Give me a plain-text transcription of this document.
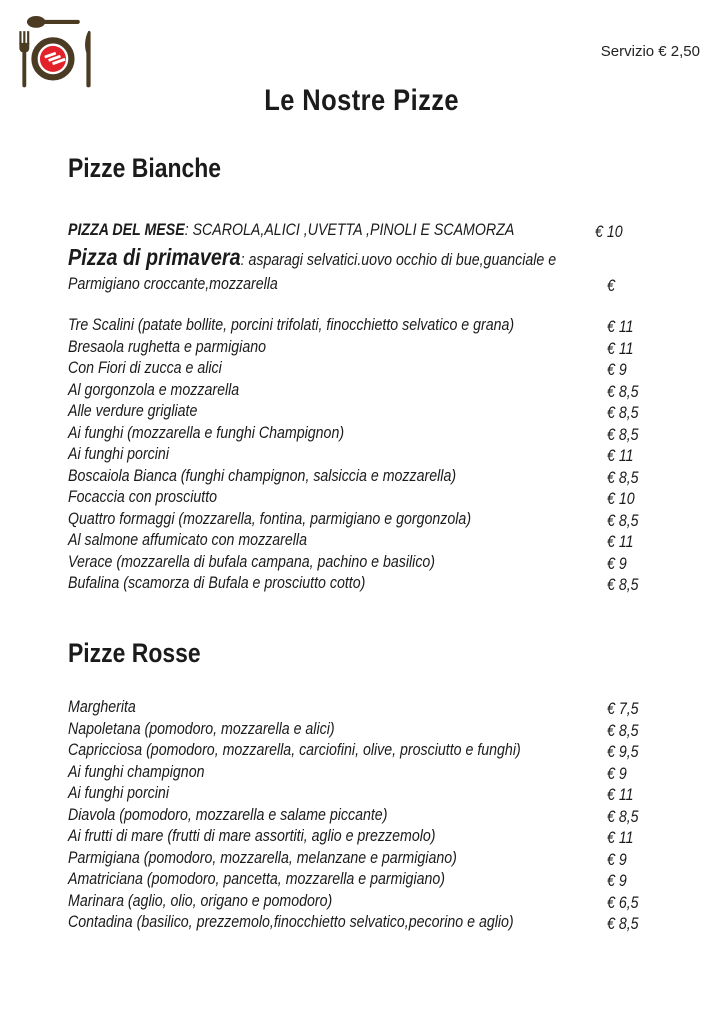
Servizio € 2,50
Le Nostre Pizze
Pizze Bianche
PIZZA DEL MESE: SCAROLA,ALICI ,UVETTA ,PINOLI E SCAMORZA	€ 10
Pizza di primavera: asparagi selvatici.uovo occhio di bue,guanciale e
Parmigiano croccante,mozzarella	€
Tre Scalini (patate bollite, porcini trifolati, finocchietto selvatico e grana)	€ 11
Bresaola rughetta e parmigiano	€ 11
Con Fiori di zucca e alici	€ 9
Al gorgonzola e mozzarella	€ 8,5
Alle verdure grigliate	€ 8,5
Ai funghi (mozzarella e funghi Champignon)	€ 8,5
Ai funghi porcini	€ 11
Boscaiola Bianca (funghi champignon, salsiccia e mozzarella)	€ 8,5
Focaccia con prosciutto	€ 10
Quattro formaggi (mozzarella, fontina, parmigiano e gorgonzola)	€ 8,5
Al salmone affumicato con mozzarella	€ 11
Verace (mozzarella di bufala campana, pachino e basilico)	€ 9
Bufalina (scamorza di Bufala e prosciutto cotto)	€ 8,5
Pizze Rosse
Margherita	€ 7,5
Napoletana (pomodoro, mozzarella e alici)	€ 8,5
Capricciosa (pomodoro, mozzarella, carciofini, olive, prosciutto e funghi)	€ 9,5
Ai funghi champignon	€ 9
Ai funghi porcini	€ 11
Diavola (pomodoro, mozzarella e salame piccante)	€ 8,5
Ai frutti di mare (frutti di mare assortiti, aglio e prezzemolo)	€ 11
Parmigiana (pomodoro, mozzarella, melanzane e parmigiano)	€ 9
Amatriciana (pomodoro, pancetta, mozzarella e parmigiano)	€ 9
Marinara (aglio, olio, origano e pomodoro)	€ 6,5
Contadina (basilico, prezzemolo,finocchietto selvatico,pecorino e aglio)	€ 8,5
